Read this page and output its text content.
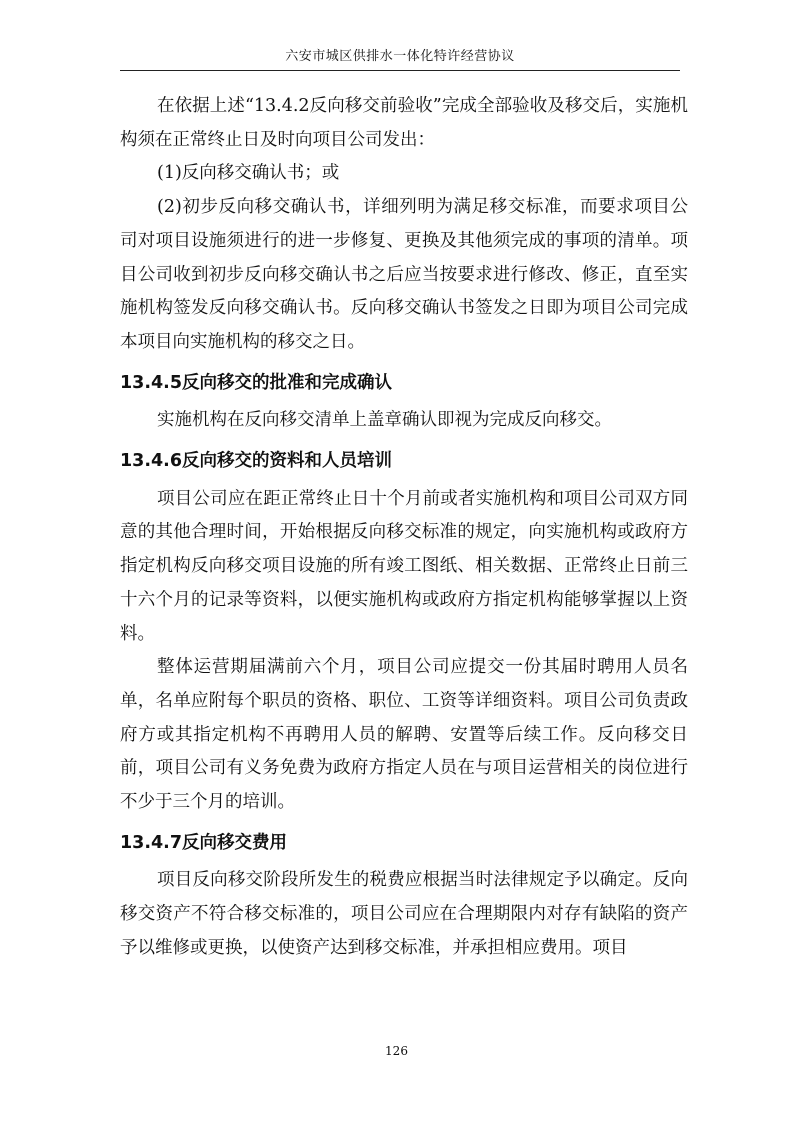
六安市城区供排水一体化特许经营协议

在依据上述“13.4.2反向移交前验收”完成全部验收及移交后，实施机构须在正常终止日及时向项目公司发出：

(1)反向移交确认书；或

(2)初步反向移交确认书，详细列明为满足移交标准，而要求项目公司对项目设施须进行的进一步修复、更换及其他须完成的事项的清单。项目公司收到初步反向移交确认书之后应当按要求进行修改、修正，直至实施机构签发反向移交确认书。反向移交确认书签发之日即为项目公司完成本项目向实施机构的移交之日。

13.4.5反向移交的批准和完成确认

实施机构在反向移交清单上盖章确认即视为完成反向移交。

13.4.6反向移交的资料和人员培训

项目公司应在距正常终止日十个月前或者实施机构和项目公司双方同意的其他合理时间，开始根据反向移交标准的规定，向实施机构或政府方指定机构反向移交项目设施的所有竣工图纸、相关数据、正常终止日前三十六个月的记录等资料，以便实施机构或政府方指定机构能够掌握以上资料。

整体运营期届满前六个月，项目公司应提交一份其届时聘用人员名单，名单应附每个职员的资格、职位、工资等详细资料。项目公司负责政府方或其指定机构不再聘用人员的解聘、安置等后续工作。反向移交日前，项目公司有义务免费为政府方指定人员在与项目运营相关的岗位进行不少于三个月的培训。

13.4.7反向移交费用

项目反向移交阶段所发生的税费应根据当时法律规定予以确定。反向移交资产不符合移交标准的，项目公司应在合理期限内对存有缺陷的资产予以维修或更换，以使资产达到移交标准，并承担相应费用。项目

126
